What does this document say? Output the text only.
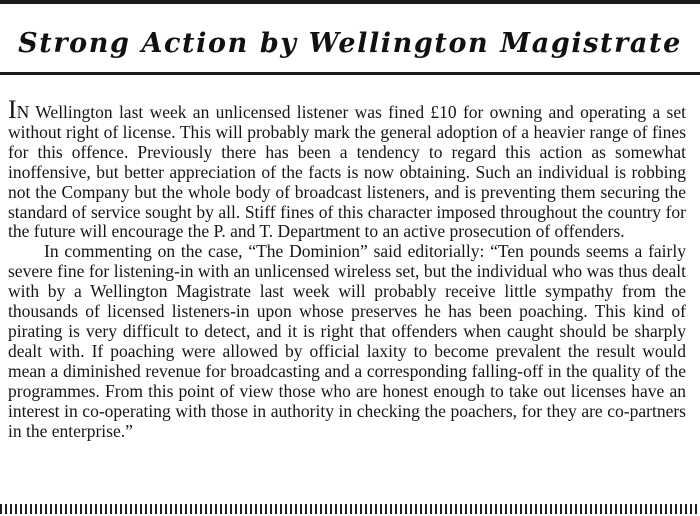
Strong Action by Wellington Magistrate

IN Wellington last week an unlicensed listener was fined £10 for owning and operating a set without right of license. This will probably mark the general adoption of a heavier range of fines for this offence. Previously there has been a tendency to regard this action as somewhat inoffensive, but better appreciation of the facts is now obtaining. Such an individual is robbing not the Company but the whole body of broadcast listeners, and is preventing them securing the standard of service sought by all. Stiff fines of this character imposed throughout the country for the future will encourage the P. and T. Department to an active prosecution of offenders.

In commenting on the case, “The Dominion” said editorially: “Ten pounds seems a fairly severe fine for listening-in with an unlicensed wireless set, but the individual who was thus dealt with by a Wellington Magistrate last week will probably receive little sympathy from the thousands of licensed listeners-in upon whose preserves he has been poaching. This kind of pirating is very difficult to detect, and it is right that offenders when caught should be sharply dealt with. If poaching were allowed by official laxity to become prevalent the result would mean a diminished revenue for broadcasting and a corresponding falling-off in the quality of the programmes. From this point of view those who are honest enough to take out licenses have an interest in co-operating with those in authority in checking the poachers, for they are co-partners in the enterprise.”
